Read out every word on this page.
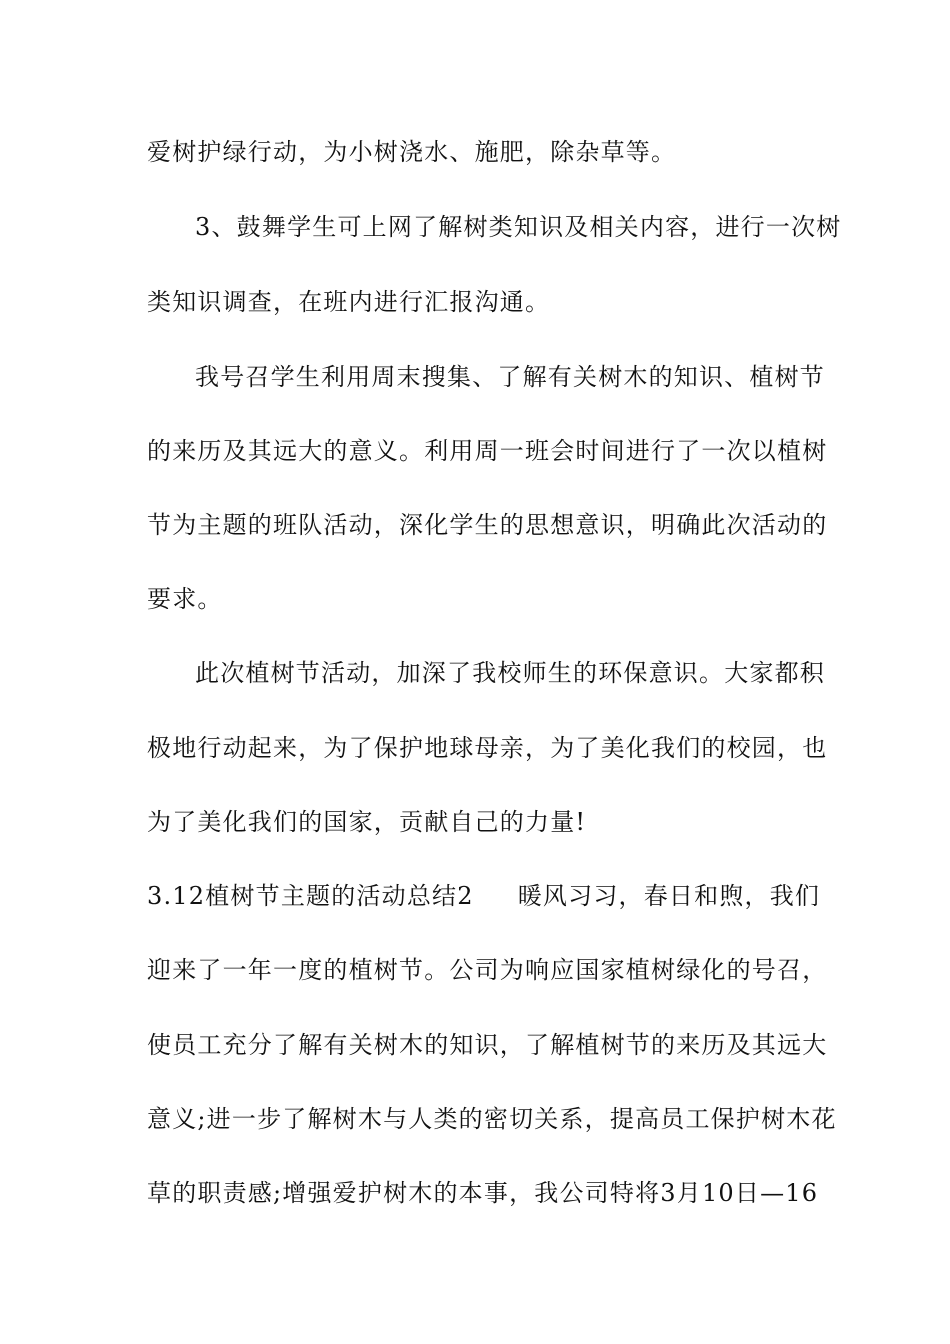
爱树护绿行动，为小树浇水、施肥，除杂草等。
3、鼓舞学生可上网了解树类知识及相关内容，进行一次树
类知识调查，在班内进行汇报沟通。
我号召学生利用周末搜集、了解有关树木的知识、植树节
的来历及其远大的意义。利用周一班会时间进行了一次以植树
节为主题的班队活动，深化学生的思想意识，明确此次活动的
要求。
此次植树节活动，加深了我校师生的环保意识。大家都积
极地行动起来，为了保护地球母亲，为了美化我们的校园，也
为了美化我们的国家，贡献自己的力量!
3.12植树节主题的活动总结2 暖风习习，春日和煦，我们
迎来了一年一度的植树节。公司为响应国家植树绿化的号召，
使员工充分了解有关树木的知识，了解植树节的来历及其远大
意义;进一步了解树木与人类的密切关系，提高员工保护树木花
草的职责感;增强爱护树木的本事，我公司特将3月10日—16
